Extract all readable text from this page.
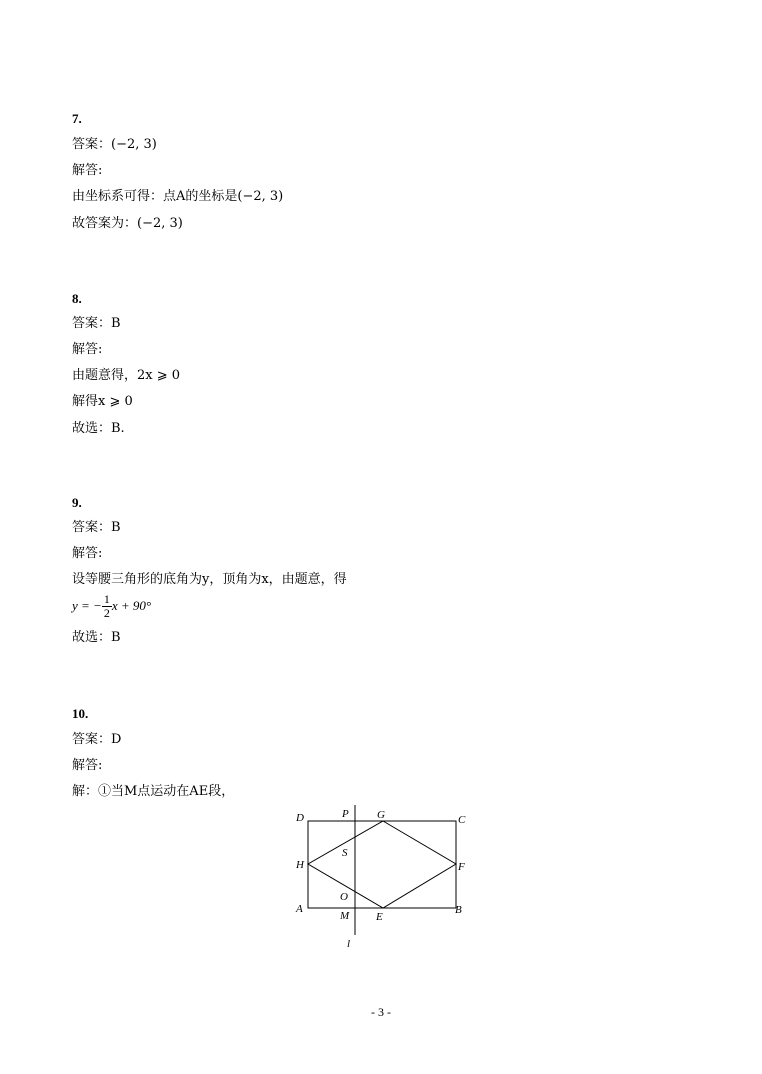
7.
答案：(−2, 3)
解答:
由坐标系可得：点A的坐标是(−2, 3)
故答案为：(−2, 3)
8.
答案：B
解答:
由题意得，2x ⩾ 0
解得x ⩾ 0
故选：B.
9.
答案：B
解答:
设等腰三角形的底角为y，顶角为x，由题意，得
y = − $\frac{1}{2}$ x + 90°
故选：B
10.
答案：D
解答:
解：①当M点运动在AE段，
D	P	G	C
H
S
F
O
A
M E
B
l
- 3 -
